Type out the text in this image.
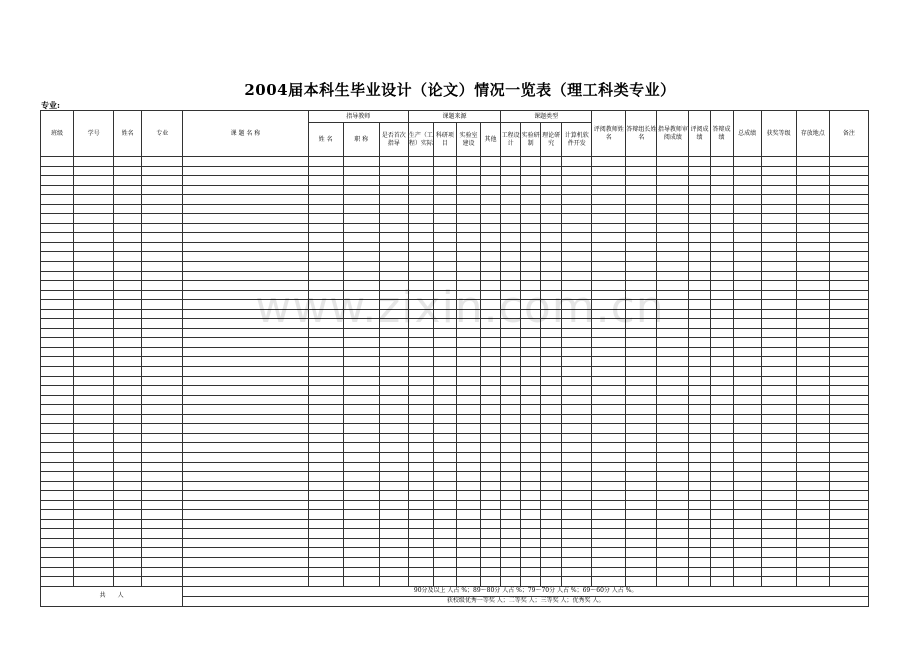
2004届本科生毕业设计（论文）情况一览表（理工科类专业）
专业:
班级	学号	姓名	专业	课 题 名 称	指导教师			课题来源				课题类型				评阅教师姓 名	答辩组长姓 名	指导教师审阅成绩	评阅成绩	答辩成绩	总成绩	获奖等级	存放地点	备注
					姓 名	职 称	是否首次指导	生产（工程）实际	科研项目	实验室建设	其他	工程设计	实验研制	理论研究	计算机软件开发									

共　　人				90分及以上 人占 %；89～80分 人占 %；79～70分 人占 %；69～60分 人占 %。																				
				获校级优秀一等奖 人；二等奖 人；三等奖 人；优秀奖 人。																				
www.zixin.com.cn
